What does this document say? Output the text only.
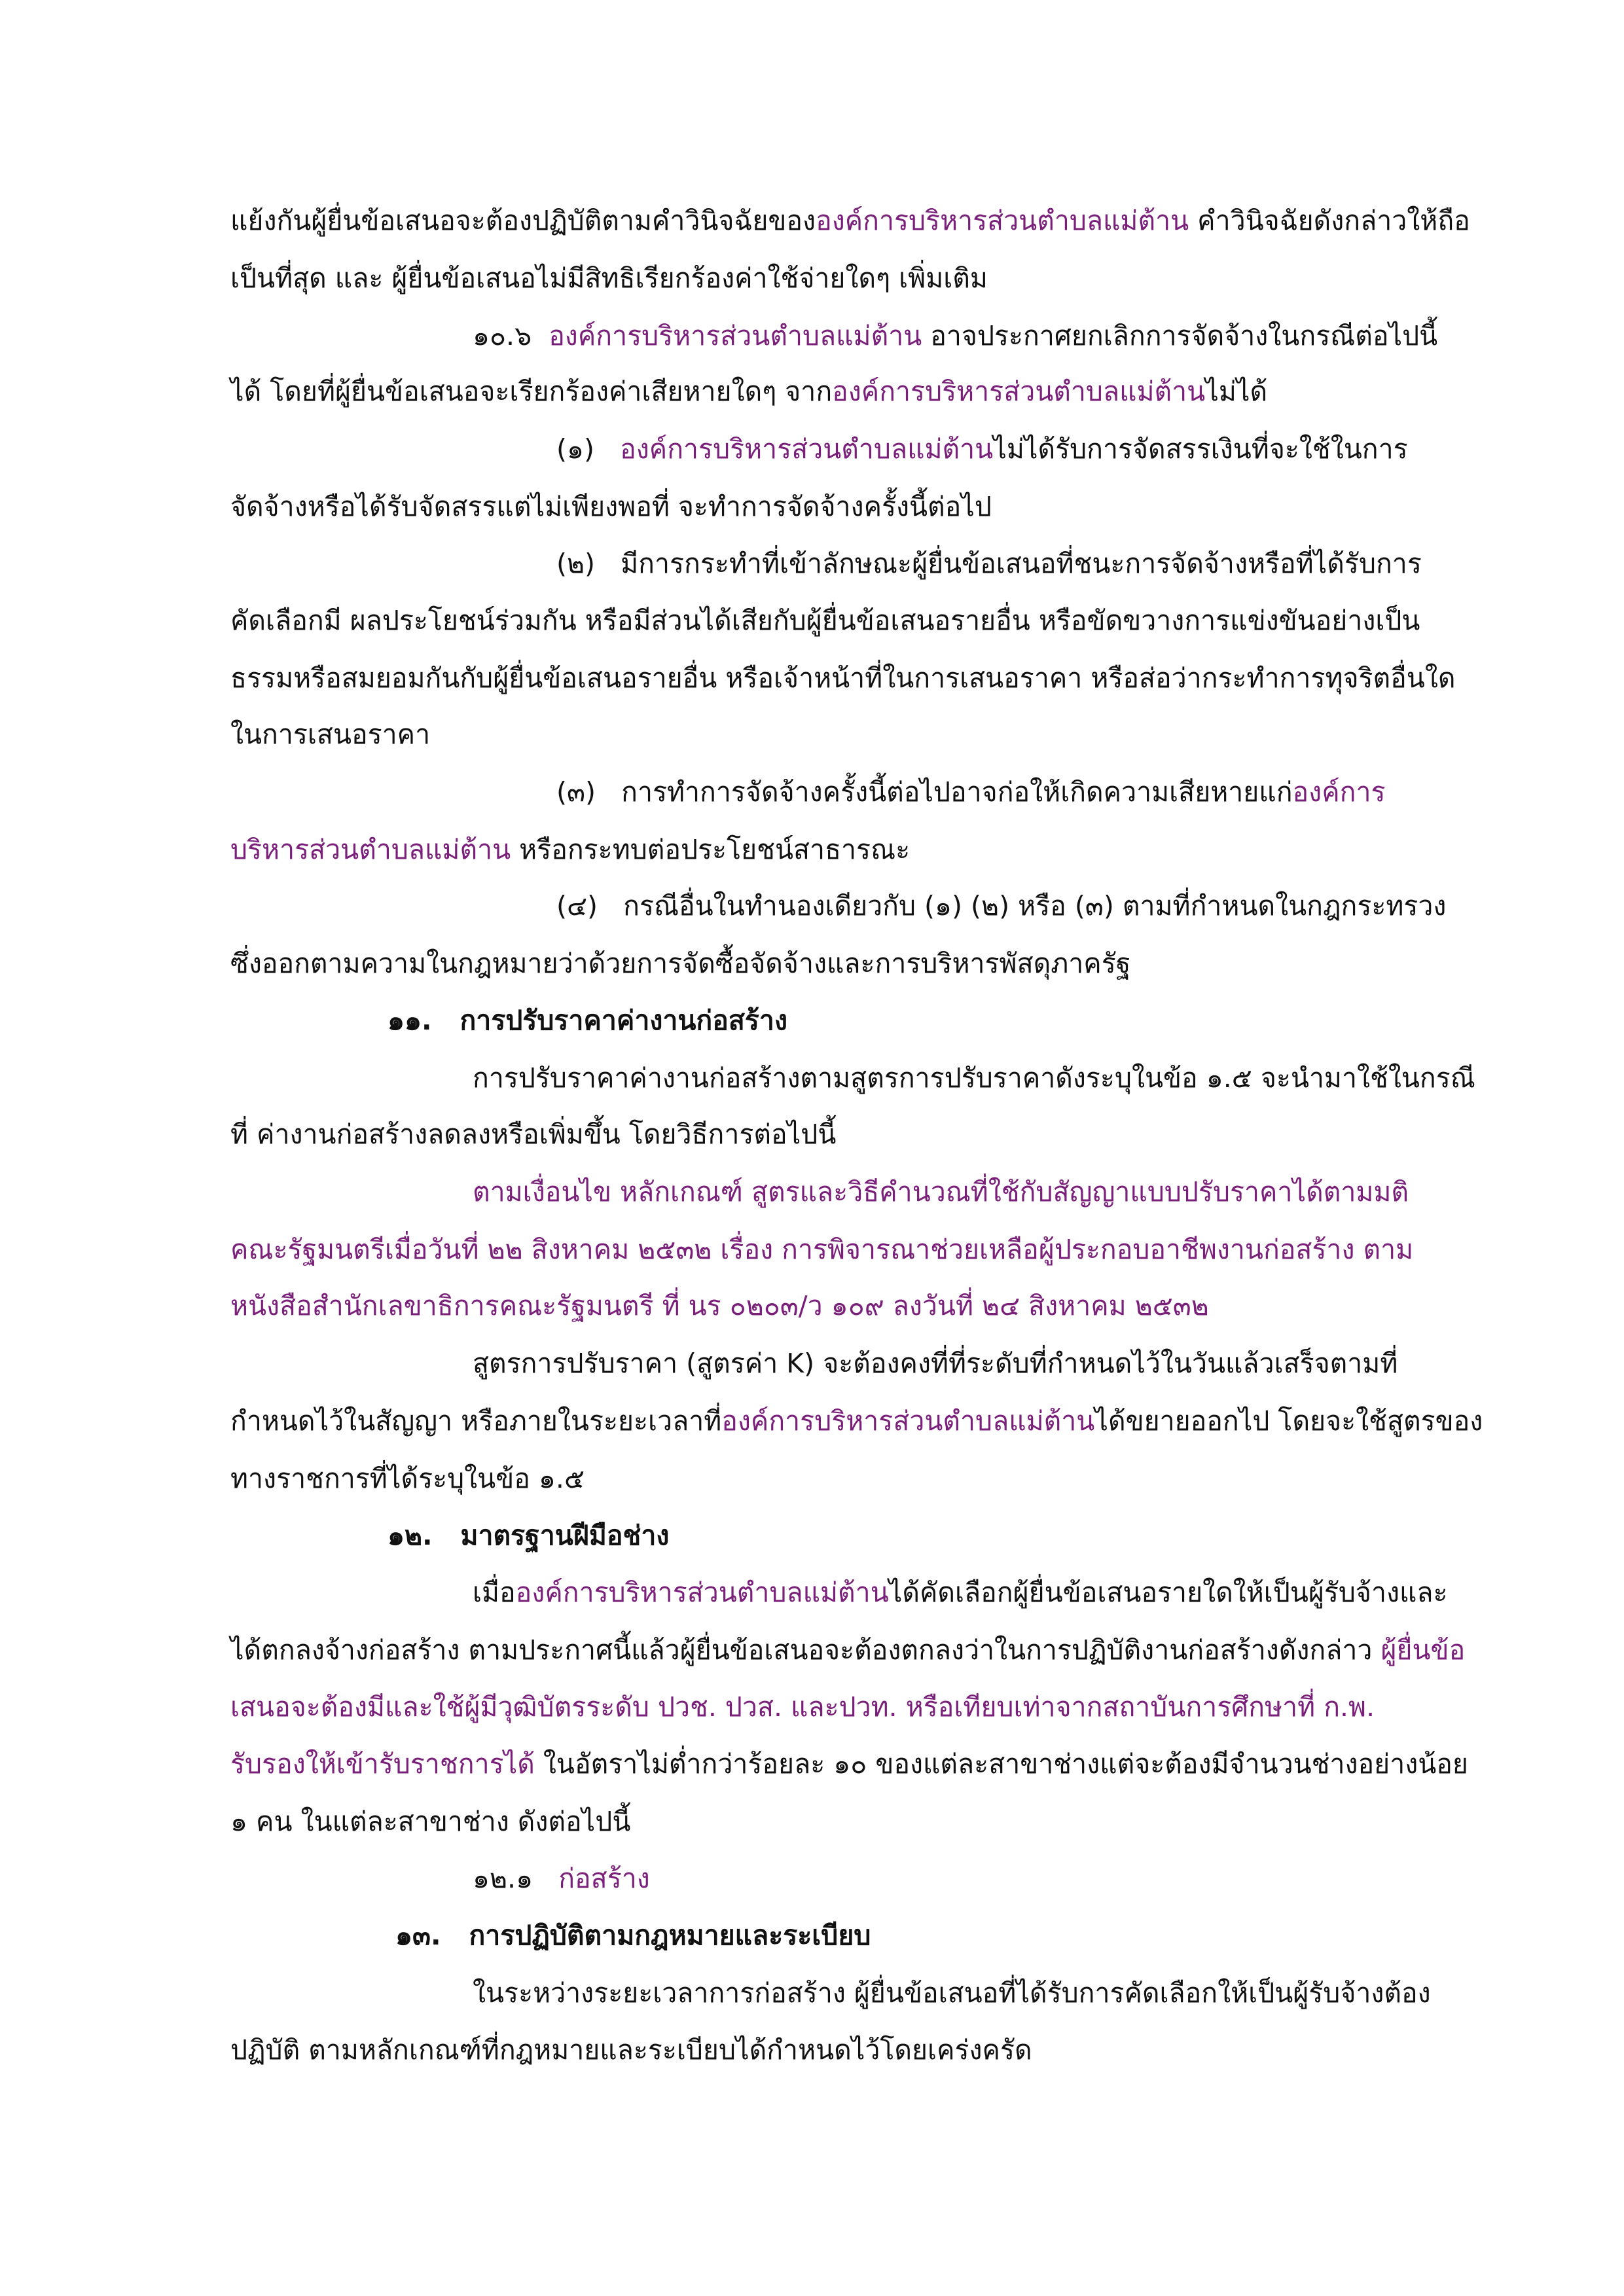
แย้งกันผู้ยื่นข้อเสนอจะต้องปฏิบัติตามคำวินิจฉัยขององค์การบริหารส่วนตำบลแม่ต้าน คำวินิจฉัยดังกล่าวให้ถือ
เป็นที่สุด และ ผู้ยื่นข้อเสนอไม่มีสิทธิเรียกร้องค่าใช้จ่ายใดๆ เพิ่มเติม
๑๐.๖ องค์การบริหารส่วนตำบลแม่ต้าน อาจประกาศยกเลิกการจัดจ้างในกรณีต่อไปนี้
ได้ โดยที่ผู้ยื่นข้อเสนอจะเรียกร้องค่าเสียหายใดๆ จากองค์การบริหารส่วนตำบลแม่ต้านไม่ได้
(๑) องค์การบริหารส่วนตำบลแม่ต้านไม่ได้รับการจัดสรรเงินที่จะใช้ในการ
จัดจ้างหรือได้รับจัดสรรแต่ไม่เพียงพอที่ จะทำการจัดจ้างครั้งนี้ต่อไป
(๒) มีการกระทำที่เข้าลักษณะผู้ยื่นข้อเสนอที่ชนะการจัดจ้างหรือที่ได้รับการ
คัดเลือกมี ผลประโยชน์ร่วมกัน หรือมีส่วนได้เสียกับผู้ยื่นข้อเสนอรายอื่น หรือขัดขวางการแข่งขันอย่างเป็น
ธรรมหรือสมยอมกันกับผู้ยื่นข้อเสนอรายอื่น หรือเจ้าหน้าที่ในการเสนอราคา หรือส่อว่ากระทำการทุจริตอื่นใด
ในการเสนอราคา
(๓) การทำการจัดจ้างครั้งนี้ต่อไปอาจก่อให้เกิดความเสียหายแก่องค์การ
บริหารส่วนตำบลแม่ต้าน หรือกระทบต่อประโยชน์สาธารณะ
(๔) กรณีอื่นในทำนองเดียวกับ (๑) (๒) หรือ (๓) ตามที่กำหนดในกฎกระทรวง
ซึ่งออกตามความในกฎหมายว่าด้วยการจัดซื้อจัดจ้างและการบริหารพัสดุภาครัฐ
๑๑. การปรับราคาค่างานก่อสร้าง
การปรับราคาค่างานก่อสร้างตามสูตรการปรับราคาดังระบุในข้อ ๑.๕ จะนำมาใช้ในกรณี
ที่ ค่างานก่อสร้างลดลงหรือเพิ่มขึ้น โดยวิธีการต่อไปนี้
ตามเงื่อนไข หลักเกณฑ์ สูตรและวิธีคำนวณที่ใช้กับสัญญาแบบปรับราคาได้ตามมติ
คณะรัฐมนตรีเมื่อวันที่ ๒๒ สิงหาคม ๒๕๓๒ เรื่อง การพิจารณาช่วยเหลือผู้ประกอบอาชีพงานก่อสร้าง ตาม
หนังสือสำนักเลขาธิการคณะรัฐมนตรี ที่ นร ๐๒๐๓/ว ๑๐๙ ลงวันที่ ๒๔ สิงหาคม ๒๕๓๒
สูตรการปรับราคา (สูตรค่า K) จะต้องคงที่ที่ระดับที่กำหนดไว้ในวันแล้วเสร็จตามที่
กำหนดไว้ในสัญญา หรือภายในระยะเวลาที่องค์การบริหารส่วนตำบลแม่ต้านได้ขยายออกไป โดยจะใช้สูตรของ
ทางราชการที่ได้ระบุในข้อ ๑.๕
๑๒. มาตรฐานฝีมือช่าง
เมื่อองค์การบริหารส่วนตำบลแม่ต้านได้คัดเลือกผู้ยื่นข้อเสนอรายใดให้เป็นผู้รับจ้างและ
ได้ตกลงจ้างก่อสร้าง ตามประกาศนี้แล้วผู้ยื่นข้อเสนอจะต้องตกลงว่าในการปฏิบัติงานก่อสร้างดังกล่าว ผู้ยื่นข้อ
เสนอจะต้องมีและใช้ผู้มีวุฒิบัตรระดับ ปวช. ปวส. และปวท. หรือเทียบเท่าจากสถาบันการศึกษาที่ ก.พ.
รับรองให้เข้ารับราชการได้ ในอัตราไม่ต่ำกว่าร้อยละ ๑๐ ของแต่ละสาขาช่างแต่จะต้องมีจำนวนช่างอย่างน้อย
๑ คน ในแต่ละสาขาช่าง ดังต่อไปนี้
๑๒.๑ ก่อสร้าง
๑๓. การปฏิบัติตามกฎหมายและระเบียบ
ในระหว่างระยะเวลาการก่อสร้าง ผู้ยื่นข้อเสนอที่ได้รับการคัดเลือกให้เป็นผู้รับจ้างต้อง
ปฏิบัติ ตามหลักเกณฑ์ที่กฎหมายและระเบียบได้กำหนดไว้โดยเคร่งครัด
